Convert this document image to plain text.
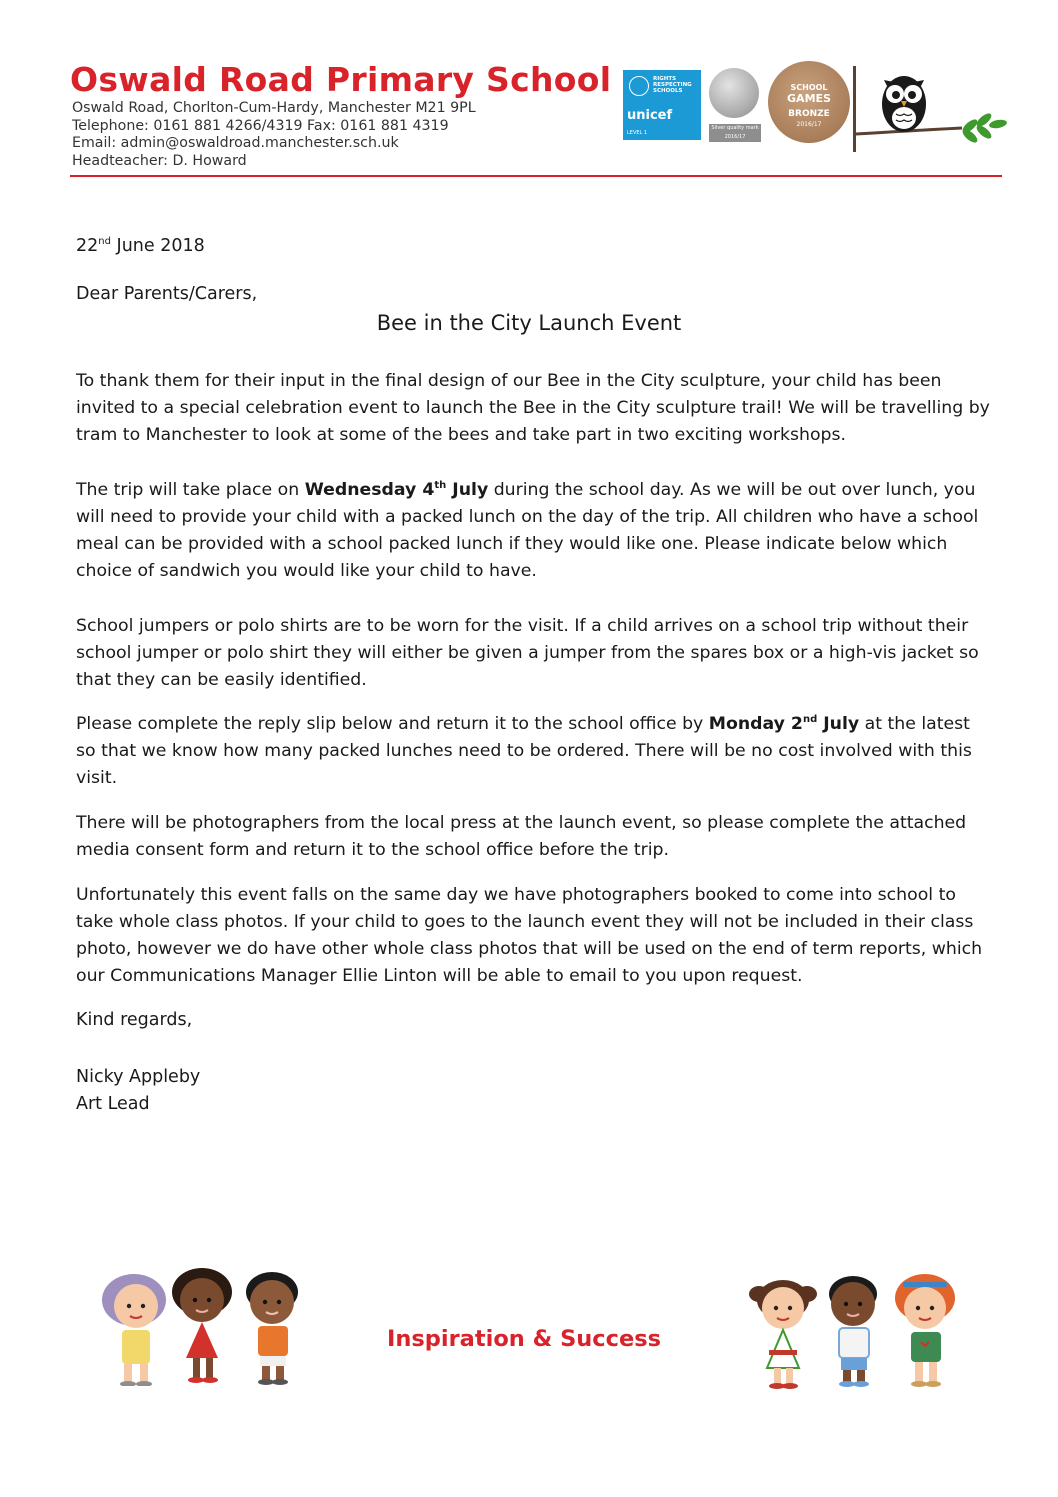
Oswald Road Primary School
Oswald Road, Chorlton-Cum-Hardy, Manchester M21 9PL
Telephone: 0161 881 4266/4319 Fax: 0161 881 4319
Email: admin@oswaldroad.manchester.sch.uk
Headteacher: D. Howard
RIGHTS RESPECTING SCHOOLS
unicef
LEVEL 1
Silver quality mark 2016/17
SCHOOL
GAMES
BRONZE
2016/17
22nd June 2018
Dear Parents/Carers,
Bee in the City Launch Event
To thank them for their input in the final design of our Bee in the City sculpture, your child has been invited to a special celebration event to launch the Bee in the City sculpture trail! We will be travelling by tram to Manchester to look at some of the bees and take part in two exciting workshops.
The trip will take place on Wednesday 4th July during the school day. As we will be out over lunch, you will need to provide your child with a packed lunch on the day of the trip. All children who have a school meal can be provided with a school packed lunch if they would like one. Please indicate below which choice of sandwich you would like your child to have.
School jumpers or polo shirts are to be worn for the visit. If a child arrives on a school trip without their school jumper or polo shirt they will either be given a jumper from the spares box or a high-vis jacket so that they can be easily identified.
Please complete the reply slip below and return it to the school office by Monday 2nd July at the latest so that we know how many packed lunches need to be ordered. There will be no cost involved with this visit.
There will be photographers from the local press at the launch event, so please complete the attached media consent form and return it to the school office before the trip.
Unfortunately this event falls on the same day we have photographers booked to come into school to take whole class photos. If your child to goes to the launch event they will not be included in their class photo, however we do have other whole class photos that will be used on the end of term reports, which our Communications Manager Ellie Linton will be able to email to you upon request.
Kind regards,
Nicky Appleby
Art Lead
Inspiration & Success
